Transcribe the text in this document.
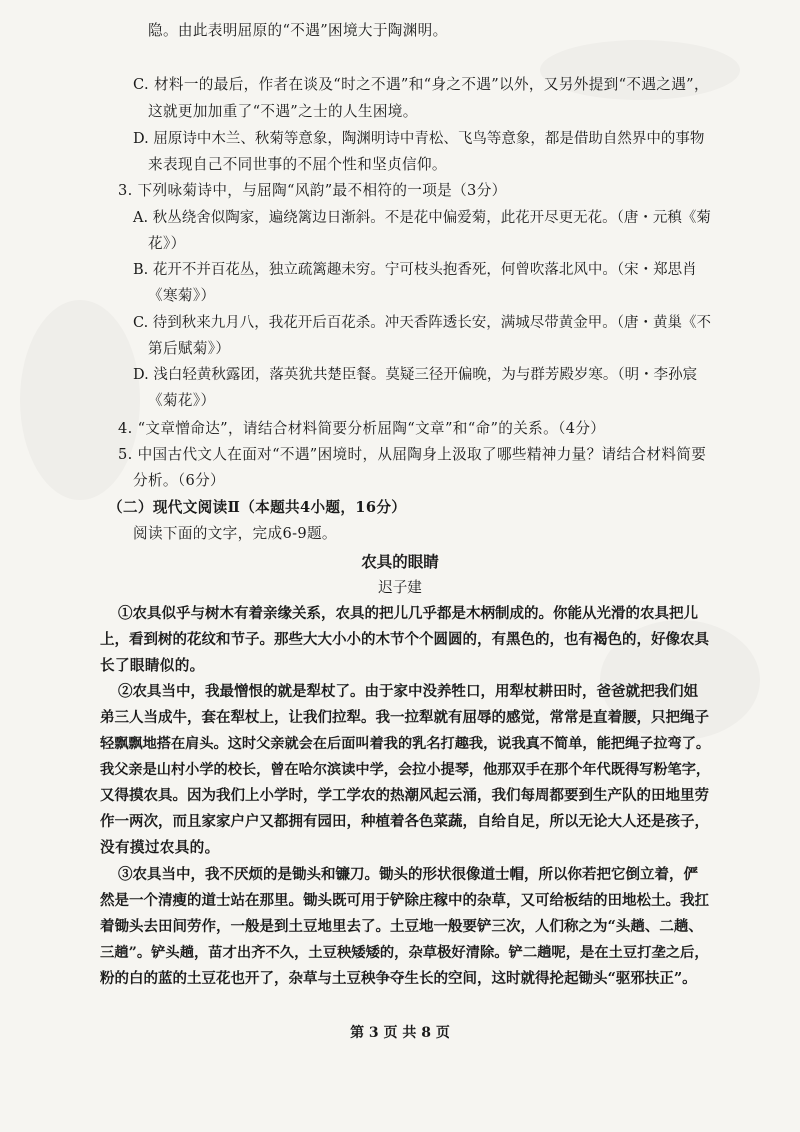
隐。由此表明屈原的“不遇”困境大于陶渊明。
C. 材料一的最后，作者在谈及“时之不遇”和“身之不遇”以外，又另外提到“不遇之遇”，
这就更加加重了“不遇”之士的人生困境。
D. 屈原诗中木兰、秋菊等意象，陶渊明诗中青松、飞鸟等意象，都是借助自然界中的事物
来表现自己不同世事的不屈个性和坚贞信仰。
3. 下列咏菊诗中，与屈陶“风韵”最不相符的一项是（3分）
A. 秋丛绕舍似陶家，遍绕篱边日渐斜。不是花中偏爱菊，此花开尽更无花。（唐・元稹《菊
花》）
B. 花开不并百花丛，独立疏篱趣未穷。宁可枝头抱香死，何曾吹落北风中。（宋・郑思肖
《寒菊》）
C. 待到秋来九月八，我花开后百花杀。冲天香阵透长安，满城尽带黄金甲。（唐・黄巢《不
第后赋菊》）
D. 浅白轻黄秋露团，落英犹共楚臣餐。莫疑三径开偏晚，为与群芳殿岁寒。（明・李孙宸
《菊花》）
4. “文章憎命达”，请结合材料简要分析屈陶“文章”和“命”的关系。（4分）
5. 中国古代文人在面对“不遇”困境时，从屈陶身上汲取了哪些精神力量？请结合材料简要
分析。（6分）
（二）现代文阅读Ⅱ（本题共4小题，16分）
阅读下面的文字，完成6-9题。
农具的眼睛
迟子建
①农具似乎与树木有着亲缘关系，农具的把儿几乎都是木柄制成的。你能从光滑的农具把儿
上，看到树的花纹和节子。那些大大小小的木节个个圆圆的，有黑色的，也有褐色的，好像农具
长了眼睛似的。
②农具当中，我最憎恨的就是犁杖了。由于家中没养牲口，用犁杖耕田时，爸爸就把我们姐
弟三人当成牛，套在犁杖上，让我们拉犁。我一拉犁就有屈辱的感觉，常常是直着腰，只把绳子
轻飘飘地搭在肩头。这时父亲就会在后面叫着我的乳名打趣我，说我真不简单，能把绳子拉弯了。
我父亲是山村小学的校长，曾在哈尔滨读中学，会拉小提琴，他那双手在那个年代既得写粉笔字，
又得摸农具。因为我们上小学时，学工学农的热潮风起云涌，我们每周都要到生产队的田地里劳
作一两次，而且家家户户又都拥有园田，种植着各色菜蔬，自给自足，所以无论大人还是孩子，
没有摸过农具的。
③农具当中，我不厌烦的是锄头和镰刀。锄头的形状很像道士帽，所以你若把它倒立着，俨
然是一个清瘦的道士站在那里。锄头既可用于铲除庄稼中的杂草，又可给板结的田地松土。我扛
着锄头去田间劳作，一般是到土豆地里去了。土豆地一般要铲三次，人们称之为“头趟、二趟、
三趟”。铲头趟，苗才出齐不久，土豆秧矮矮的，杂草极好清除。铲二趟呢，是在土豆打垄之后，
粉的白的蓝的土豆花也开了，杂草与土豆秧争夺生长的空间，这时就得抡起锄头“驱邪扶正”。
第 3 页 共 8 页
